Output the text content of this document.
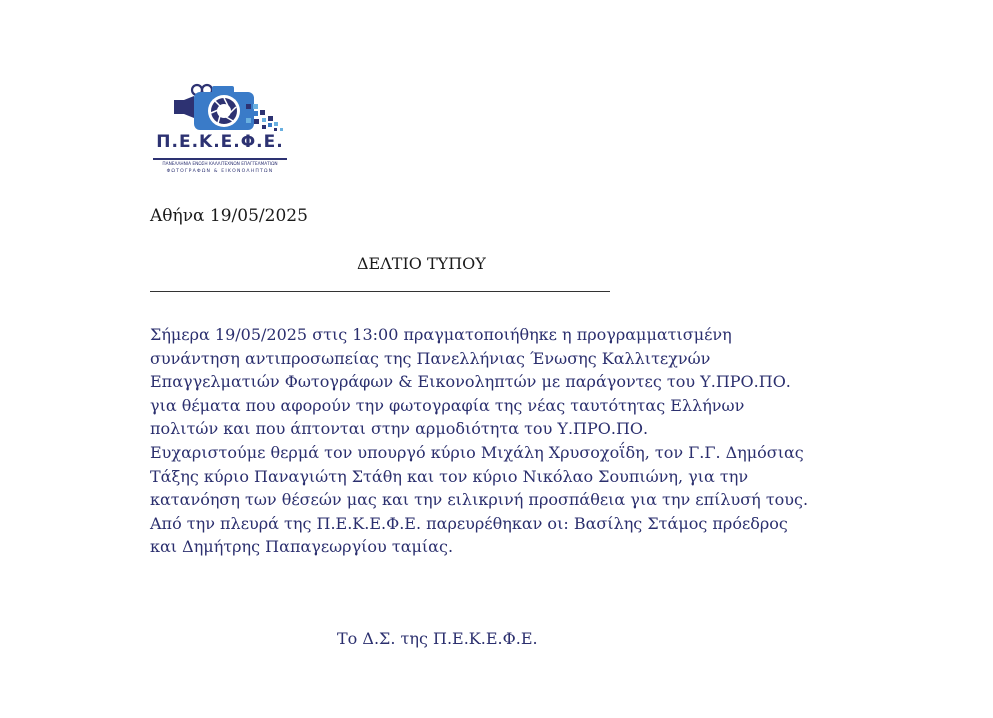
Π.Ε.Κ.Ε.Φ.Ε.
ΠΑΝΕΛΛΗΝΙΑ ΕΝΩΣΗ ΚΑΛΛΙΤΕΧΝΩΝ ΕΠΑΓΓΕΛΜΑΤΙΩΝ
ΦΩΤΟΓΡΑΦΩΝ & ΕΙΚΟΝΟΛΗΠΤΩΝ
Αθήνα 19/05/2025
ΔΕΛΤΙΟ ΤΥΠΟΥ

Σήμερα 19/05/2025 στις 13:00 πραγματοποιήθηκε η προγραμματισμένη
συνάντηση αντιπροσωπείας της Πανελλήνιας Ένωσης Καλλιτεχνών
Επαγγελματιών Φωτογράφων & Εικονοληπτών με παράγοντες του Υ.ΠΡΟ.ΠΟ.
για θέματα που αφορούν την φωτογραφία της νέας ταυτότητας Ελλήνων
πολιτών και που άπτονται στην αρμοδιότητα του Υ.ΠΡΟ.ΠΟ.
Ευχαριστούμε θερμά τον υπουργό κύριο Μιχάλη Χρυσοχοΐδη, τον Γ.Γ. Δημόσιας
Τάξης κύριο Παναγιώτη Στάθη και τον κύριο Νικόλαο Σουπιώνη, για την
κατανόηση των θέσεών μας και την ειλικρινή προσπάθεια για την επίλυσή τους.
Από την πλευρά της Π.Ε.Κ.Ε.Φ.Ε. παρευρέθηκαν οι: Βασίλης Στάμος πρόεδρος
και Δημήτρης Παπαγεωργίου ταμίας.

Το Δ.Σ. της Π.Ε.Κ.Ε.Φ.Ε.
